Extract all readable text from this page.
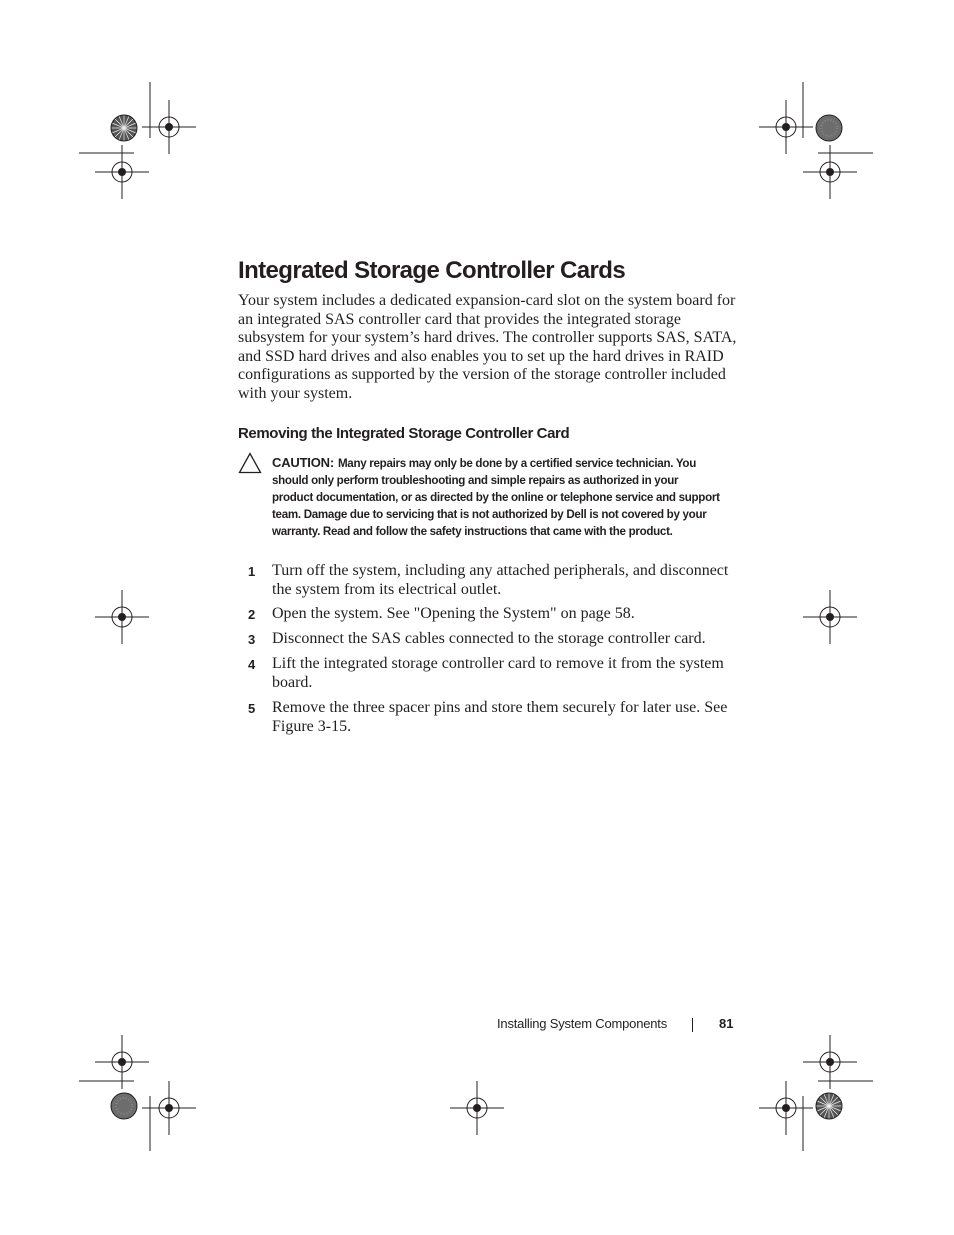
Integrated Storage Controller Cards

Your system includes a dedicated expansion-card slot on the system board for an integrated SAS controller card that provides the integrated storage subsystem for your system’s hard drives. The controller supports SAS, SATA, and SSD hard drives and also enables you to set up the hard drives in RAID configurations as supported by the version of the storage controller included with your system.

Removing the Integrated Storage Controller Card

CAUTION: Many repairs may only be done by a certified service technician. You should only perform troubleshooting and simple repairs as authorized in your product documentation, or as directed by the online or telephone service and support team. Damage due to servicing that is not authorized by Dell is not covered by your warranty. Read and follow the safety instructions that came with the product.

1 Turn off the system, including any attached peripherals, and disconnect the system from its electrical outlet.
2 Open the system. See "Opening the System" on page 58.
3 Disconnect the SAS cables connected to the storage controller card.
4 Lift the integrated storage controller card to remove it from the system board.
5 Remove the three spacer pins and store them securely for later use. See Figure 3-15.
Installing System Components	81
